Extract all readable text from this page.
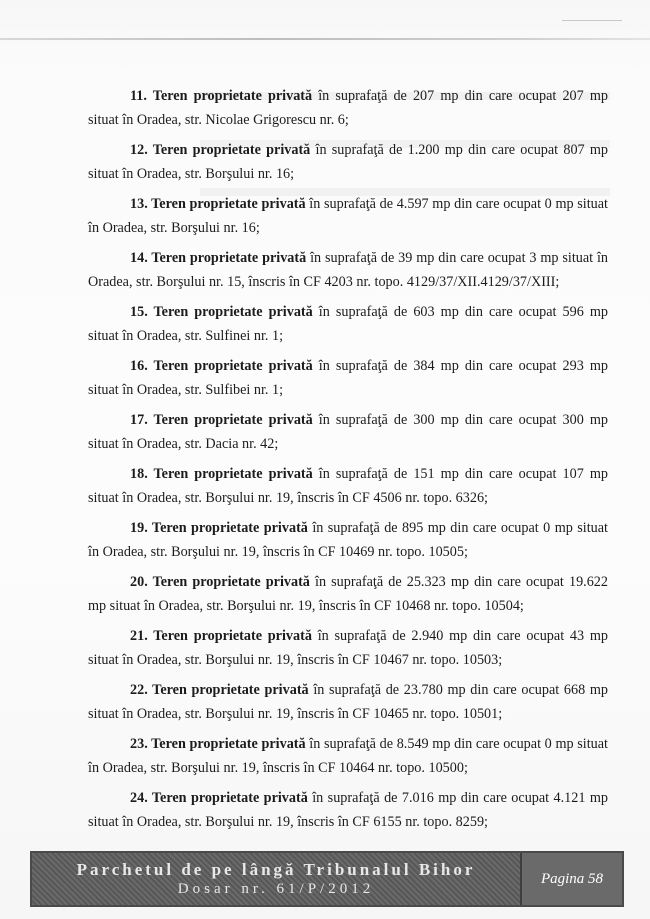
11. Teren proprietate privată în suprafaţă de 207 mp din care ocupat 207 mp situat în Oradea, str. Nicolae Grigorescu nr. 6;

12. Teren proprietate privată în suprafaţă de 1.200 mp din care ocupat 807 mp situat în Oradea, str. Borşului nr. 16;

13. Teren proprietate privată în suprafaţă de 4.597 mp din care ocupat 0 mp situat în Oradea, str. Borşului nr. 16;

14. Teren proprietate privată în suprafaţă de 39 mp din care ocupat 3 mp situat în Oradea, str. Borşului nr. 15, înscris în CF 4203 nr. topo. 4129/37/XII.4129/37/XIII;

15. Teren proprietate privată în suprafaţă de 603 mp din care ocupat 596 mp situat în Oradea, str. Sulfinei nr. 1;

16. Teren proprietate privată în suprafaţă de 384 mp din care ocupat 293 mp situat în Oradea, str. Sulfibei nr. 1;

17. Teren proprietate privată în suprafaţă de 300 mp din care ocupat 300 mp situat în Oradea, str. Dacia nr. 42;

18. Teren proprietate privată în suprafaţă de 151 mp din care ocupat 107 mp situat în Oradea, str. Borşului nr. 19, înscris în CF 4506 nr. topo. 6326;

19. Teren proprietate privată în suprafaţă de 895 mp din care ocupat 0 mp situat în Oradea, str. Borşului nr. 19, înscris în CF 10469 nr. topo. 10505;

20. Teren proprietate privată în suprafaţă de 25.323 mp din care ocupat 19.622 mp situat în Oradea, str. Borşului nr. 19, înscris în CF 10468 nr. topo. 10504;

21. Teren proprietate privată în suprafaţă de 2.940 mp din care ocupat 43 mp situat în Oradea, str. Borşului nr. 19, înscris în CF 10467 nr. topo. 10503;

22. Teren proprietate privată în suprafaţă de 23.780 mp din care ocupat 668 mp situat în Oradea, str. Borşului nr. 19, înscris în CF 10465 nr. topo. 10501;

23. Teren proprietate privată în suprafaţă de 8.549 mp din care ocupat 0 mp situat în Oradea, str. Borşului nr. 19, înscris în CF 10464 nr. topo. 10500;

24. Teren proprietate privată în suprafaţă de 7.016 mp din care ocupat 4.121 mp situat în Oradea, str. Borşului nr. 19, înscris în CF 6155 nr. topo. 8259;

Parchetul de pe lângă Tribunalul Bihor
Dosar nr. 61/P/2012
Pagina 58
